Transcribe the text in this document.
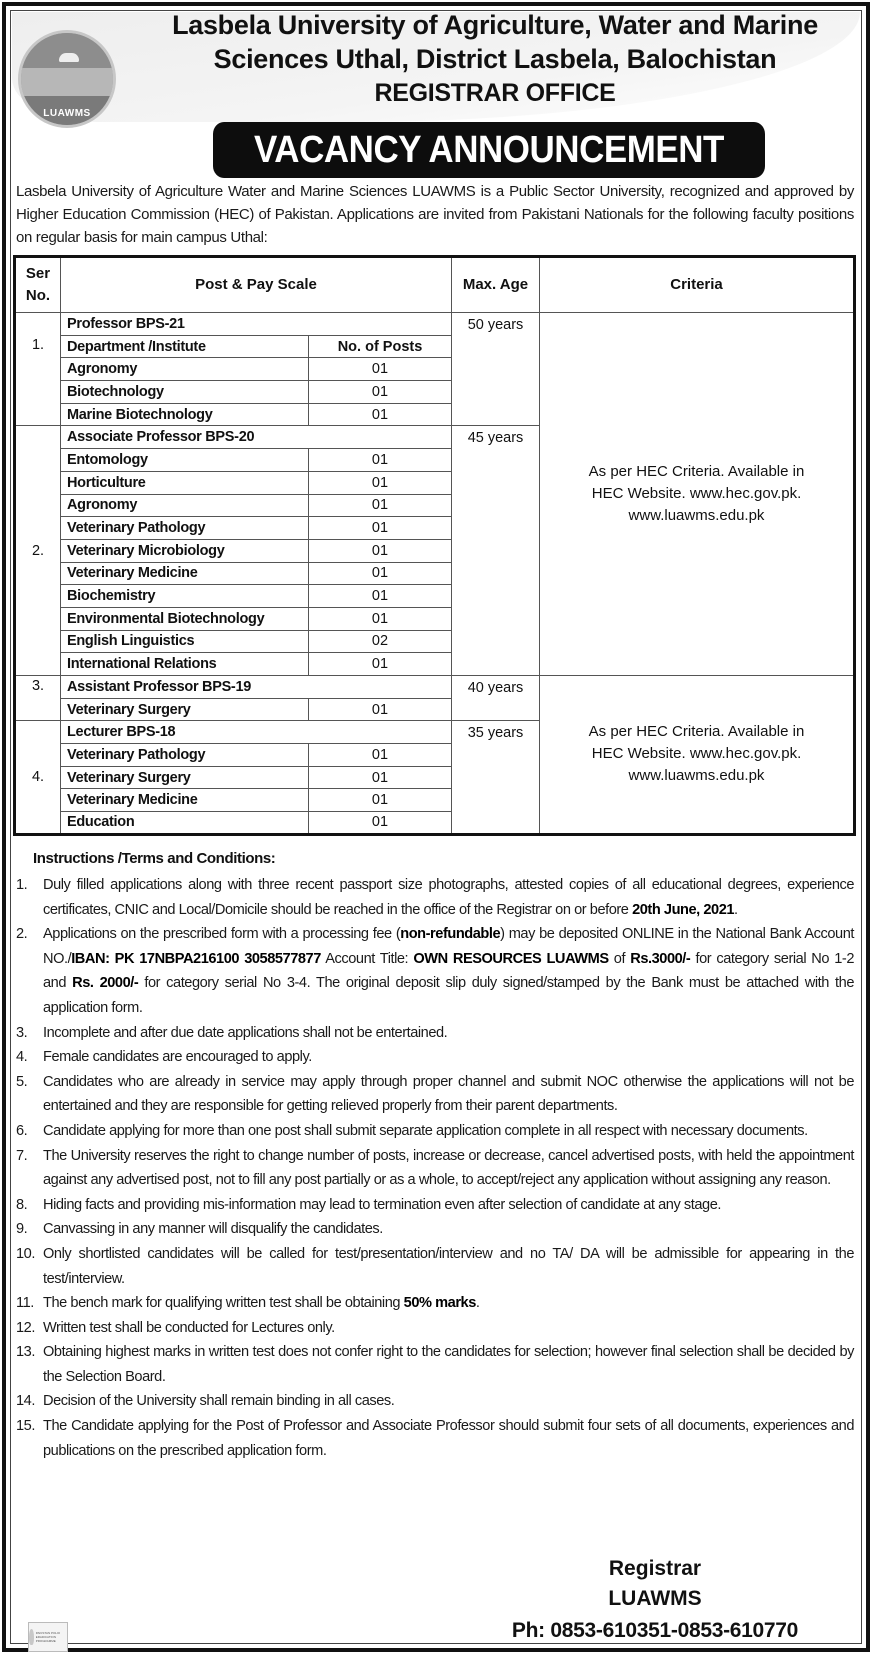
LUAWMS
Lasbela University of Agriculture, Water and Marine
Sciences Uthal, District Lasbela, Balochistan
REGISTRAR OFFICE
VACANCY ANNOUNCEMENT

Lasbela University of Agriculture Water and Marine Sciences LUAWMS is a Public Sector University, recognized and approved by Higher Education Commission (HEC) of Pakistan. Applications are invited from Pakistani Nationals for the following faculty positions on regular basis for main campus Uthal:

Ser No.	Post & Pay Scale		Max. Age	Criteria
1.	Professor BPS-21		50 years	As per HEC Criteria. Available in HEC Website. www.hec.gov.pk. www.luawms.edu.pk
	Department /Institute	No. of Posts		
	Agronomy	01		
	Biotechnology	01		
	Marine Biotechnology	01		
2.	Associate Professor BPS-20		45 years	
	Entomology	01		
	Horticulture	01		
	Agronomy	01		
	Veterinary Pathology	01		
	Veterinary Microbiology	01		
	Veterinary Medicine	01		
	Biochemistry	01		
	Environmental Biotechnology	01		
	English Linguistics	02		
	International Relations	01		
3.	Assistant Professor BPS-19		40 years	As per HEC Criteria. Available in HEC Website. www.hec.gov.pk. www.luawms.edu.pk
	Veterinary Surgery	01		
4.	Lecturer BPS-18		35 years	
	Veterinary Pathology	01		
	Veterinary Surgery	01		
	Veterinary Medicine	01		
	Education	01		
Instructions /Terms and Conditions:
1.	Duly filled applications along with three recent passport size photographs, attested copies of all educational degrees, experience certificates, CNIC and Local/Domicile should be reached in the office of the Registrar on or before 20th June, 2021.
2.	Applications on the prescribed form with a processing fee (non-refundable) may be deposited ONLINE in the National Bank Account NO./IBAN: PK 17NBPA216100 3058577877 Account Title: OWN RESOURCES LUAWMS of Rs.3000/- for category serial No 1-2 and Rs. 2000/- for category serial No 3-4. The original deposit slip duly signed/stamped by the Bank must be attached with the application form.
3.	Incomplete and after due date applications shall not be entertained.
4.	Female candidates are encouraged to apply.
5.	Candidates who are already in service may apply through proper channel and submit NOC otherwise the applications will not be entertained and they are responsible for getting relieved properly from their parent departments.
6.	Candidate applying for more than one post shall submit separate application complete in all respect with necessary documents.
7.	The University reserves the right to change number of posts, increase or decrease, cancel advertised posts, with held the appointment against any advertised post, not to fill any post partially or as a whole, to accept/reject any application without assigning any reason.
8.	Hiding facts and providing mis-information may lead to termination even after selection of candidate at any stage.
9.	Canvassing in any manner will disqualify the candidates.
10. Only shortlisted candidates will be called for test/presentation/interview and no TA/ DA will be admissible for appearing in the test/interview.
11. The bench mark for qualifying written test shall be obtaining 50% marks.
12. Written test shall be conducted for Lectures only.
13. Obtaining highest marks in written test does not confer right to the candidates for selection; however final selection shall be decided by the Selection Board.
14. Decision of the University shall remain binding in all cases.
15. The Candidate applying for the Post of Professor and Associate Professor should submit four sets of all documents, experiences and publications on the prescribed application form.
Registrar
LUAWMS
Ph: 0853-610351-0853-610770
PAKISTAN POLIO ERADICATION PROGRAMME
